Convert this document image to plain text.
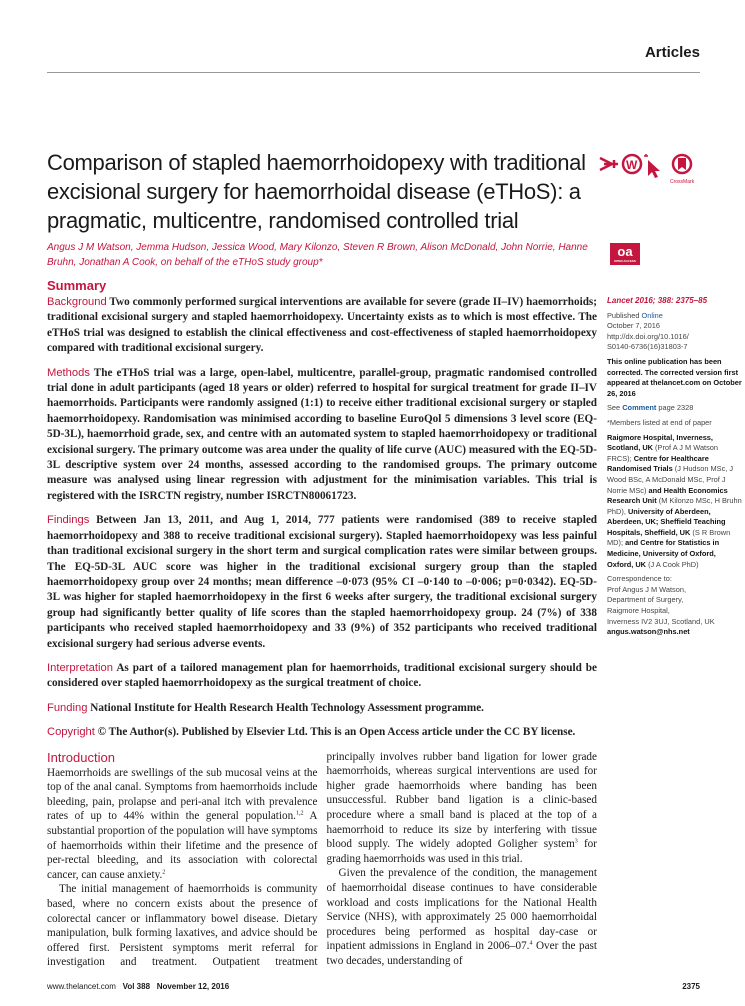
Articles
W
CrossMark
oa
OPEN ACCESS
Comparison of stapled haemorrhoidopexy with traditional excisional surgery for haemorrhoidal disease (eTHoS): a pragmatic, multicentre, randomised controlled trial
Angus J M Watson, Jemma Hudson, Jessica Wood, Mary Kilonzo, Steven R Brown, Alison McDonald, John Norrie, Hanne Bruhn, Jonathan A Cook, on behalf of the eTHoS study group*
Summary
Background Two commonly performed surgical interventions are available for severe (grade II–IV) haemorrhoids; traditional excisional surgery and stapled haemorrhoidopexy. Uncertainty exists as to which is most effective. The eTHoS trial was designed to establish the clinical effectiveness and cost-effectiveness of stapled haemorrhoidopexy compared with traditional excisional surgery.
Methods The eTHoS trial was a large, open-label, multicentre, parallel-group, pragmatic randomised controlled trial done in adult participants (aged 18 years or older) referred to hospital for surgical treatment for grade II–IV haemorrhoids. Participants were randomly assigned (1:1) to receive either traditional excisional surgery or stapled haemorrhoidopexy. Randomisation was minimised according to baseline EuroQol 5 dimensions 3 level score (EQ-5D-3L), haemorrhoid grade, sex, and centre with an automated system to stapled haemorrhoidopexy or traditional excisional surgery. The primary outcome was area under the quality of life curve (AUC) measured with the EQ-5D-3L descriptive system over 24 months, assessed according to the randomised groups. The primary outcome measure was analysed using linear regression with adjustment for the minimisation variables. This trial is registered with the ISRCTN registry, number ISRCTN80061723.
Findings Between Jan 13, 2011, and Aug 1, 2014, 777 patients were randomised (389 to receive stapled haemorrhoidopexy and 388 to receive traditional excisional surgery). Stapled haemorrhoidopexy was less painful than traditional excisional surgery in the short term and surgical complication rates were similar between groups. The EQ-5D-3L AUC score was higher in the traditional excisional surgery group than the stapled haemorrhoidopexy group over 24 months; mean difference –0·073 (95% CI –0·140 to –0·006; p=0·0342). EQ-5D-3L was higher for stapled haemorrhoidopexy in the first 6 weeks after surgery, the traditional excisional surgery group had significantly better quality of life scores than the stapled haemorrhoidopexy group. 24 (7%) of 338 participants who received stapled haemorrhoidopexy and 33 (9%) of 352 participants who received traditional excisional surgery had serious adverse events.
Interpretation As part of a tailored management plan for haemorrhoids, traditional excisional surgery should be considered over stapled haemorrhoidopexy as the surgical treatment of choice.
Funding National Institute for Health Research Health Technology Assessment programme.
Copyright © The Author(s). Published by Elsevier Ltd. This is an Open Access article under the CC BY license.
Introduction

Haemorrhoids are swellings of the sub mucosal veins at the top of the anal canal. Symptoms from haemorrhoids include bleeding, pain, prolapse and peri-anal itch with prevalence rates of up to 44% within the general population.$^{1,2}$ A substantial proportion of the population will have symptoms of haemorrhoids within their lifetime and the presence of per-rectal bleeding, and its association with colorectal cancer, can cause anxiety.$^2$

The initial management of haemorrhoids is community based, where no concern exists about the presence of colorectal cancer or inflammatory bowel disease. Dietary manipulation, bulk forming laxatives, and advice should be offered first. Persistent symptoms merit referral for investigation and treatment. Outpatient treatment principally involves rubber band ligation for lower grade haemorrhoids, whereas surgical interventions are used for higher grade haemorrhoids where banding has been unsuccessful. Rubber band ligation is a clinic-based procedure where a small band is placed at the top of a haemorrhoid to reduce its size by interfering with tissue blood supply. The widely adopted Goligher system$^3$ for grading haemorrhoids was used in this trial.

Given the prevalence of the condition, the management of haemorrhoidal disease continues to have considerable workload and costs implications for the National Health Service (NHS), with approximately 25 000 haemorrhoidal procedures being performed as hospital day-case or inpatient admissions in England in 2006–07.$^4$ Over the past two decades, understanding of

www.thelancet.com Vol 388 November 12, 2016	2375

Lancet 2016; 388: 2375–85

Published Online
October 7, 2016
http://dx.doi.org/10.1016/
S0140-6736(16)31803-7

This online publication has been corrected. The corrected version first appeared at thelancet.com on October 26, 2016

See Comment page 2328

*Members listed at end of paper

Raigmore Hospital, Inverness, Scotland, UK (Prof A J M Watson FRCS); Centre for Healthcare Randomised Trials (J Hudson MSc, J Wood BSc, A McDonald MSc, Prof J Norrie MSc) and Health Economics Research Unit (M Kilonzo MSc, H Bruhn PhD), University of Aberdeen, Aberdeen, UK; Sheffield Teaching Hospitals, Sheffield, UK (S R Brown MD); and Centre for Statistics in Medicine, University of Oxford, Oxford, UK (J A Cook PhD)

Correspondence to:
Prof Angus J M Watson,
Department of Surgery,
Raigmore Hospital,
Inverness IV2 3UJ, Scotland, UK
angus.watson@nhs.net
